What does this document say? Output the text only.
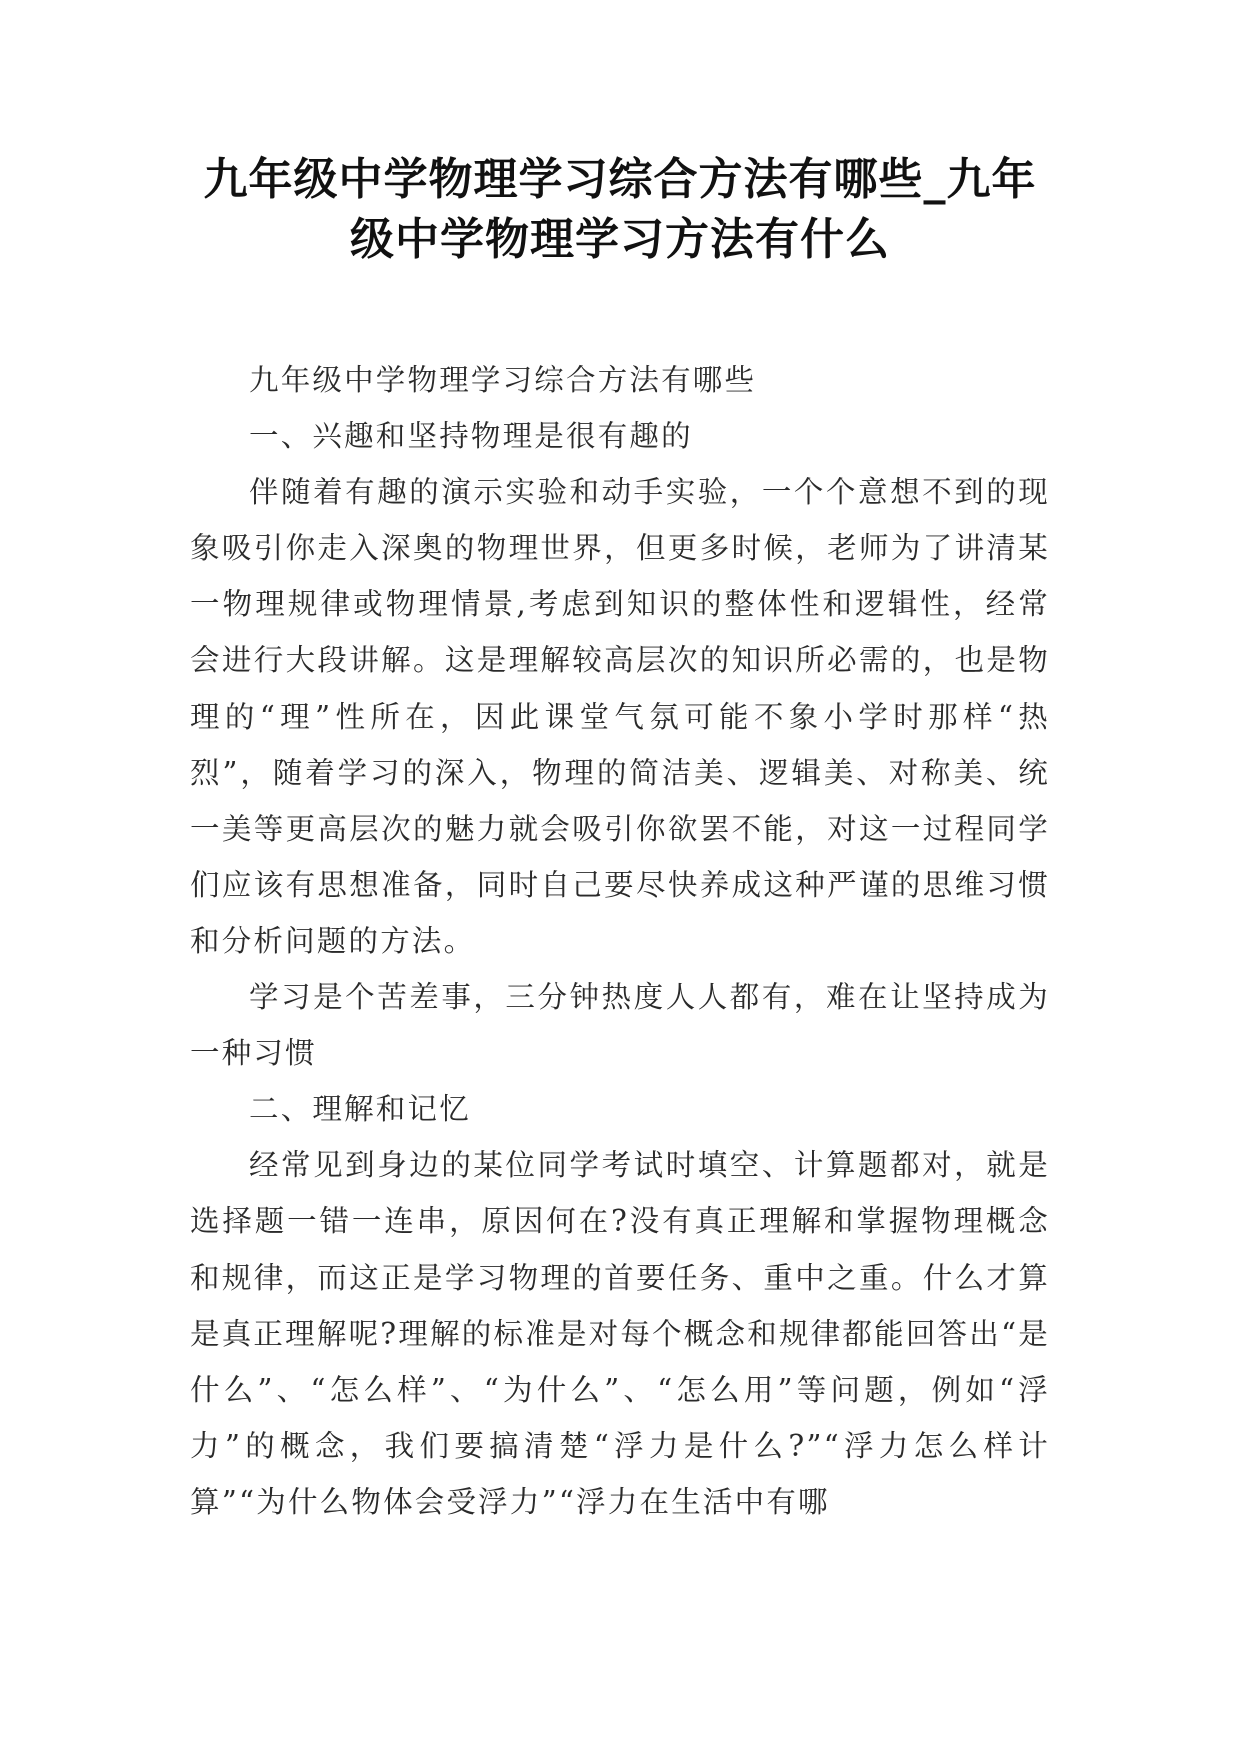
九年级中学物理学习综合方法有哪些_九年
级中学物理学习方法有什么

九年级中学物理学习综合方法有哪些

一、兴趣和坚持物理是很有趣的

伴随着有趣的演示实验和动手实验，一个个意想不到的现象吸引你走入深奥的物理世界，但更多时候，老师为了讲清某一物理规律或物理情景,考虑到知识的整体性和逻辑性，经常会进行大段讲解。这是理解较高层次的知识所必需的，也是物理的“理”性所在，因此课堂气氛可能不象小学时那样“热烈”，随着学习的深入，物理的简洁美、逻辑美、对称美、统一美等更高层次的魅力就会吸引你欲罢不能，对这一过程同学们应该有思想准备，同时自己要尽快养成这种严谨的思维习惯和分析问题的方法。

学习是个苦差事，三分钟热度人人都有，难在让坚持成为一种习惯

二、理解和记忆

经常见到身边的某位同学考试时填空、计算题都对，就是选择题一错一连串，原因何在?没有真正理解和掌握物理概念和规律，而这正是学习物理的首要任务、重中之重。什么才算是真正理解呢?理解的标准是对每个概念和规律都能回答出“是什么”、“怎么样”、“为什么”、“怎么用”等问题，例如“浮力”的概念，我们要搞清楚“浮力是什么?”“浮力怎么样计算”“为什么物体会受浮力”“浮力在生活中有哪
